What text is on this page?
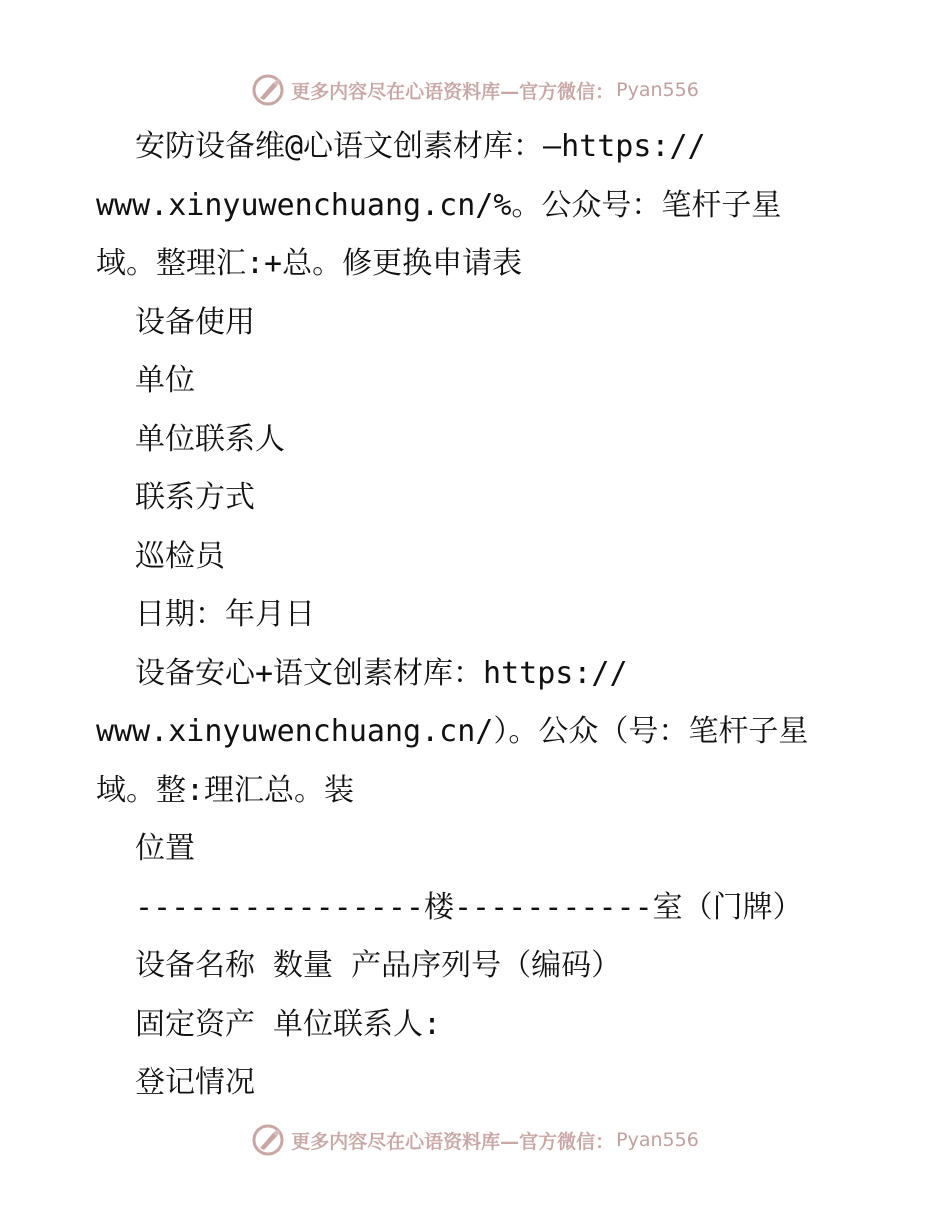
更多内容尽在心语资料库—官方微信： Pyan556
安防设备维@心语文创素材库：—https://
www.xinyuwenchuang.cn/%。公众号：笔杆子星
域。整理汇:+总。修更换申请表
设备使用
单位
单位联系人
联系方式
巡检员
日期：年月日
设备安心+语文创素材库：https://
www.xinyuwenchuang.cn/）。公众（号：笔杆子星
域。整:理汇总。装
位置
----------------楼-----------室（门牌）
设备名称 数量 产品序列号（编码）
固定资产 单位联系人:
登记情况
更多内容尽在心语资料库—官方微信： Pyan556
